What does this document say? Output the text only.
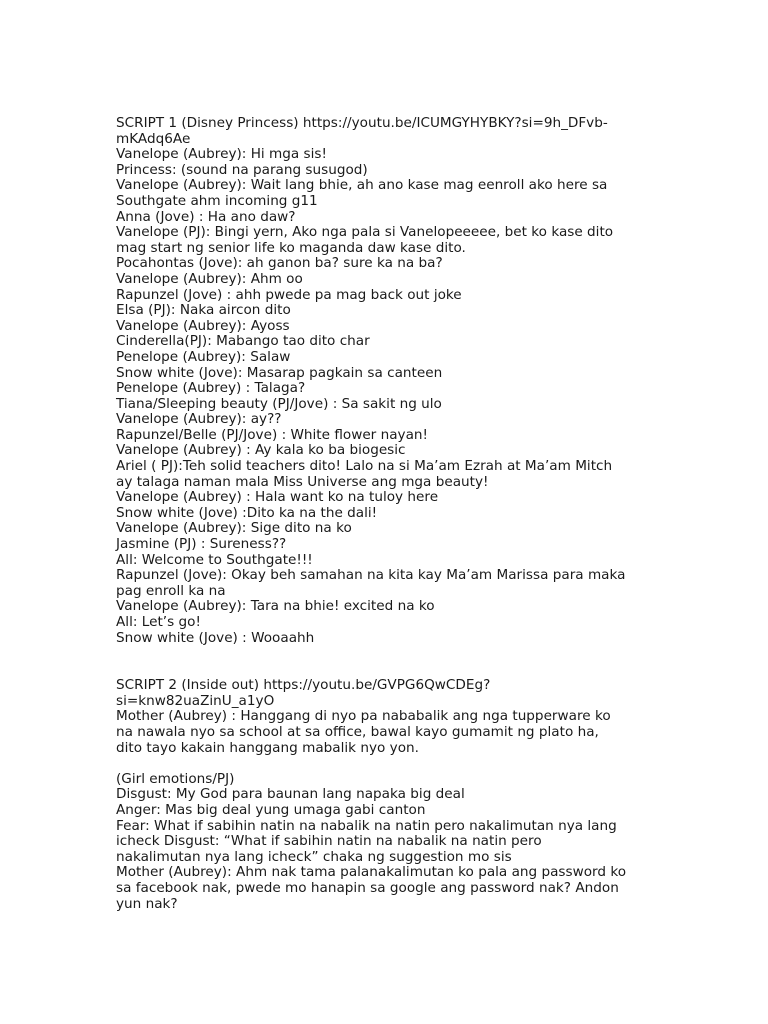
SCRIPT 1 (Disney Princess) https://youtu.be/ICUMGYHYBKY?si=9h_DFvb-

mKAdq6Ae

Vanelope (Aubrey): Hi mga sis!

Princess: (sound na parang susugod)

Vanelope (Aubrey): Wait lang bhie, ah ano kase mag eenroll ako here sa

Southgate ahm incoming g11

Anna (Jove) : Ha ano daw?

Vanelope (PJ): Bingi yern, Ako nga pala si Vanelopeeeee, bet ko kase dito

mag start ng senior life ko maganda daw kase dito.

Pocahontas (Jove): ah ganon ba? sure ka na ba?

Vanelope (Aubrey): Ahm oo

Rapunzel (Jove) : ahh pwede pa mag back out joke

Elsa (PJ): Naka aircon dito

Vanelope (Aubrey): Ayoss

Cinderella(PJ): Mabango tao dito char

Penelope (Aubrey): Salaw

Snow white (Jove): Masarap pagkain sa canteen

Penelope (Aubrey) : Talaga?

Tiana/Sleeping beauty (PJ/Jove) : Sa sakit ng ulo

Vanelope (Aubrey): ay??

Rapunzel/Belle (PJ/Jove) : White flower nayan!

Vanelope (Aubrey) : Ay kala ko ba biogesic

Ariel ( PJ):Teh solid teachers dito! Lalo na si Ma’am Ezrah at Ma’am Mitch

ay talaga naman mala Miss Universe ang mga beauty!

Vanelope (Aubrey) : Hala want ko na tuloy here

Snow white (Jove) :Dito ka na the dali!

Vanelope (Aubrey): Sige dito na ko

Jasmine (PJ) : Sureness??

All: Welcome to Southgate!!!

Rapunzel (Jove): Okay beh samahan na kita kay Ma’am Marissa para maka

pag enroll ka na

Vanelope (Aubrey): Tara na bhie! excited na ko

All: Let’s go!

Snow white (Jove) : Wooaahh

SCRIPT 2 (Inside out) https://youtu.be/GVPG6QwCDEg?

si=knw82uaZinU_a1yO

Mother (Aubrey) : Hanggang di nyo pa nababalik ang nga tupperware ko

na nawala nyo sa school at sa office, bawal kayo gumamit ng plato ha,

dito tayo kakain hanggang mabalik nyo yon.

(Girl emotions/PJ)

Disgust: My God para baunan lang napaka big deal

Anger: Mas big deal yung umaga gabi canton

Fear: What if sabihin natin na nabalik na natin pero nakalimutan nya lang

icheck Disgust: “What if sabihin natin na nabalik na natin pero

nakalimutan nya lang icheck” chaka ng suggestion mo sis

Mother (Aubrey): Ahm nak tama palanakalimutan ko pala ang password ko

sa facebook nak, pwede mo hanapin sa google ang password nak? Andon

yun nak?
